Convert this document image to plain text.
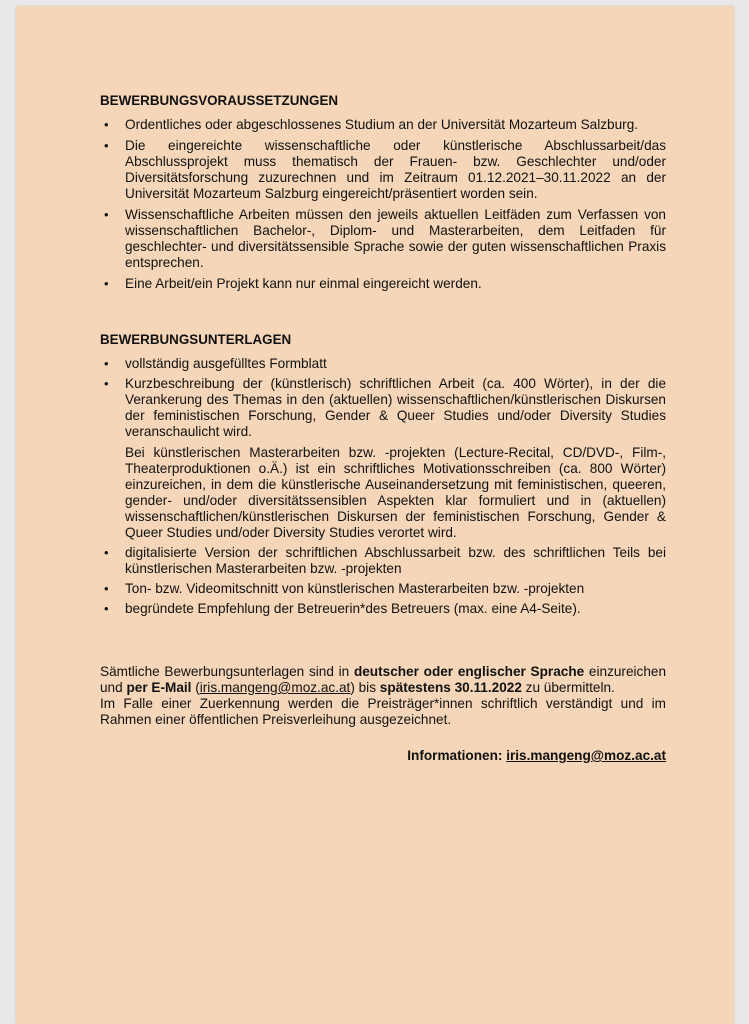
BEWERBUNGSVORAUSSETZUNGEN
• Ordentliches oder abgeschlossenes Studium an der Universität Mozarteum Salzburg.
• Die eingereichte wissenschaftliche oder künstlerische Abschlussarbeit/das Abschlussprojekt muss thematisch der Frauen- bzw. Geschlechter und/oder Diversitätsforschung zuzurechnen und im Zeitraum 01.12.2021–30.11.2022 an der Universität Mozarteum Salzburg eingereicht/präsentiert worden sein.
• Wissenschaftliche Arbeiten müssen den jeweils aktuellen Leitfäden zum Verfassen von wissenschaftlichen Bachelor-, Diplom- und Masterarbeiten, dem Leitfaden für geschlechter- und diversitätssensible Sprache sowie der guten wissenschaftlichen Praxis entsprechen.
• Eine Arbeit/ein Projekt kann nur einmal eingereicht werden.
BEWERBUNGSUNTERLAGEN
• vollständig ausgefülltes Formblatt

• Kurzbeschreibung der (künstlerisch) schriftlichen Arbeit (ca. 400 Wörter), in der die Verankerung des Themas in den (aktuellen) wissenschaftlichen/künstlerischen Diskursen der feministischen Forschung, Gender & Queer Studies und/oder Diversity Studies veranschaulicht wird.

Bei künstlerischen Masterarbeiten bzw. -projekten (Lecture-Recital, CD/DVD-, Film-, Theaterproduktionen o.Ä.) ist ein schriftliches Motivationsschreiben (ca. 800 Wörter) einzureichen, in dem die künstlerische Auseinandersetzung mit feministischen, queeren, gender- und/oder diversitätssensiblen Aspekten klar formuliert und in (aktuellen) wissenschaftlichen/künstlerischen Diskursen der feministischen Forschung, Gender & Queer Studies und/oder Diversity Studies verortet wird.

• digitalisierte Version der schriftlichen Abschlussarbeit bzw. des schriftlichen Teils bei künstlerischen Masterarbeiten bzw. -projekten
• Ton- bzw. Videomitschnitt von künstlerischen Masterarbeiten bzw. -projekten
• begründete Empfehlung der Betreuerin*des Betreuers (max. eine A4-Seite).

Sämtliche Bewerbungsunterlagen sind in deutscher oder englischer Sprache einzureichen und per E-Mail (iris.mangeng@moz.ac.at) bis spätestens 30.11.2022 zu übermitteln.

Im Falle einer Zuerkennung werden die Preisträger*innen schriftlich verständigt und im Rahmen einer öffentlichen Preisverleihung ausgezeichnet.

Informationen: iris.mangeng@moz.ac.at
